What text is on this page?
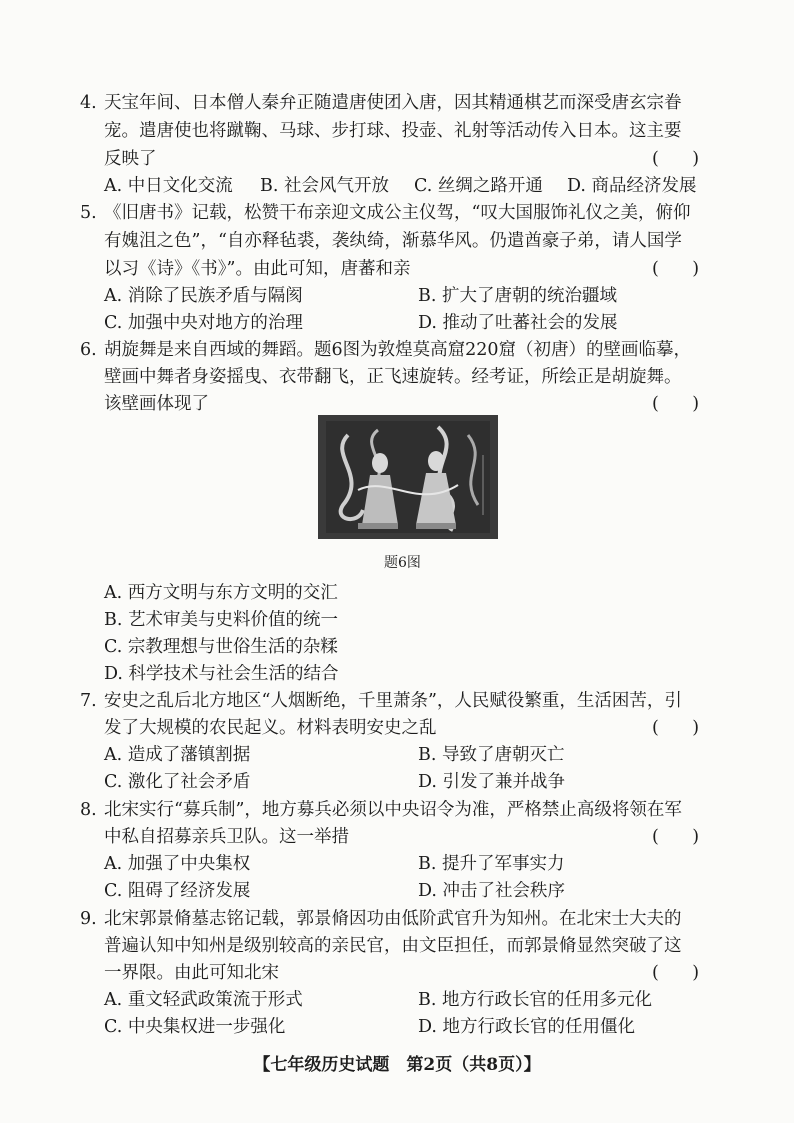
4. 天宝年间、日本僧人秦弁正随遣唐使团入唐，因其精通棋艺而深受唐玄宗眷
宠。遣唐使也将蹴鞠、马球、步打球、投壶、礼射等活动传入日本。这主要
反映了	(      )
A. 中日文化交流 B. 社会风气开放 C. 丝绸之路开通 D. 商品经济发展
5. 《旧唐书》记载，松赞干布亲迎文成公主仪驾，“叹大国服饰礼仪之美，俯仰
有媿沮之色”，“自亦释毡裘，袭纨绮，渐慕华风。仍遣酋豪子弟，请人国学
以习《诗》《书》”。由此可知，唐蕃和亲	(      )
A. 消除了民族矛盾与隔阂	B. 扩大了唐朝的统治疆域
C. 加强中央对地方的治理	D. 推动了吐蕃社会的发展
6. 胡旋舞是来自西域的舞蹈。题6图为敦煌莫高窟220窟（初唐）的壁画临摹，
壁画中舞者身姿摇曳、衣带翻飞，正飞速旋转。经考证，所绘正是胡旋舞。
该壁画体现了	(      )
题6图
A. 西方文明与东方文明的交汇
B. 艺术审美与史料价值的统一
C. 宗教理想与世俗生活的杂糅
D. 科学技术与社会生活的结合
7. 安史之乱后北方地区“人烟断绝，千里萧条”，人民赋役繁重，生活困苦，引
发了大规模的农民起义。材料表明安史之乱	(      )
A. 造成了藩镇割据	B. 导致了唐朝灭亡
C. 激化了社会矛盾	D. 引发了兼并战争
8. 北宋实行“募兵制”，地方募兵必须以中央诏令为准，严格禁止高级将领在军
中私自招募亲兵卫队。这一举措	(      )
A. 加强了中央集权	B. 提升了军事实力
C. 阻碍了经济发展	D. 冲击了社会秩序
9. 北宋郭景脩墓志铭记载，郭景脩因功由低阶武官升为知州。在北宋士大夫的
普遍认知中知州是级别较高的亲民官，由文臣担任，而郭景脩显然突破了这
一界限。由此可知北宋	(      )
A. 重文轻武政策流于形式	B. 地方行政长官的任用多元化
C. 中央集权进一步强化	D. 地方行政长官的任用僵化
【七年级历史试题　第2页（共8页）】
